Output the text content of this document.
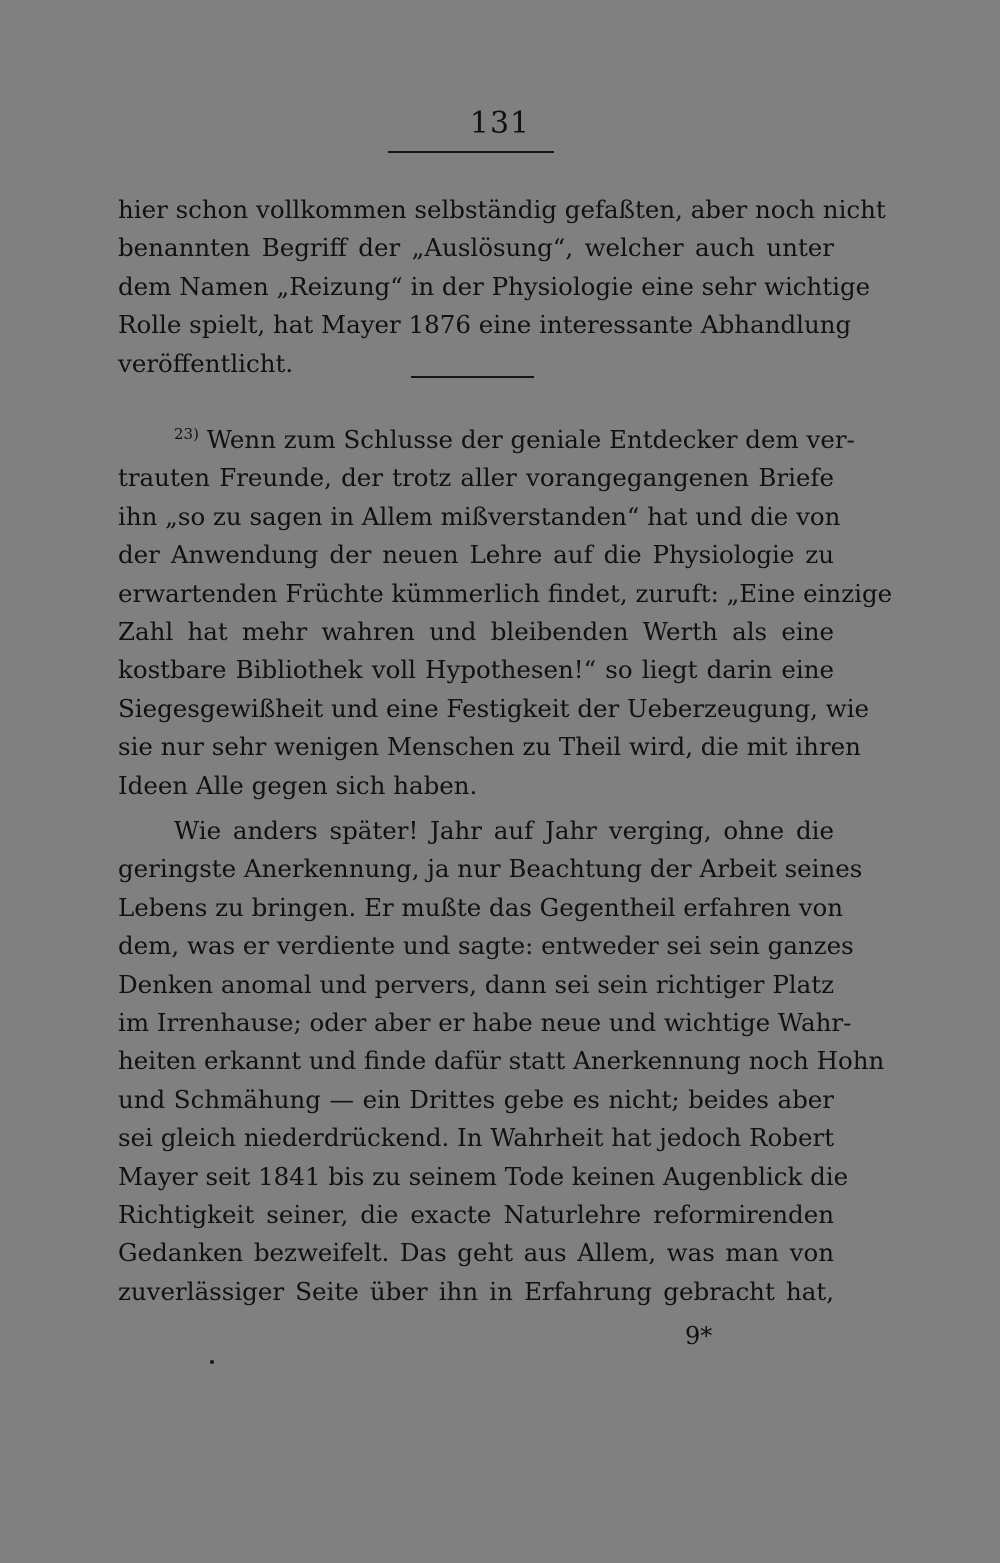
131
hier schon vollkommen selbständig gefaßten, aber noch nicht
benannten Begriff der „Auslösung“, welcher auch unter
dem Namen „Reizung“ in der Physiologie eine sehr wichtige
Rolle spielt, hat Mayer 1876 eine interessante Abhandlung
veröffentlicht.
$^{23)}$ Wenn zum Schlusse der geniale Entdecker dem ver-
trauten Freunde, der trotz aller vorangegangenen Briefe
ihn „so zu sagen in Allem mißverstanden“ hat und die von
der Anwendung der neuen Lehre auf die Physiologie zu
erwartenden Früchte kümmerlich findet, zuruft: „Eine einzige
Zahl hat mehr wahren und bleibenden Werth als eine
kostbare Bibliothek voll Hypothesen!“ so liegt darin eine
Siegesgewißheit und eine Festigkeit der Ueberzeugung, wie
sie nur sehr wenigen Menschen zu Theil wird, die mit ihren
Ideen Alle gegen sich haben.
Wie anders später! Jahr auf Jahr verging, ohne die
geringste Anerkennung, ja nur Beachtung der Arbeit seines
Lebens zu bringen. Er mußte das Gegentheil erfahren von
dem, was er verdiente und sagte: entweder sei sein ganzes
Denken anomal und pervers, dann sei sein richtiger Platz
im Irrenhause; oder aber er habe neue und wichtige Wahr-
heiten erkannt und finde dafür statt Anerkennung noch Hohn
und Schmähung — ein Drittes gebe es nicht; beides aber
sei gleich niederdrückend. In Wahrheit hat jedoch Robert
Mayer seit 1841 bis zu seinem Tode keinen Augenblick die
Richtigkeit seiner, die exacte Naturlehre reformirenden
Gedanken bezweifelt. Das geht aus Allem, was man von
zuverlässiger Seite über ihn in Erfahrung gebracht hat,
9*
